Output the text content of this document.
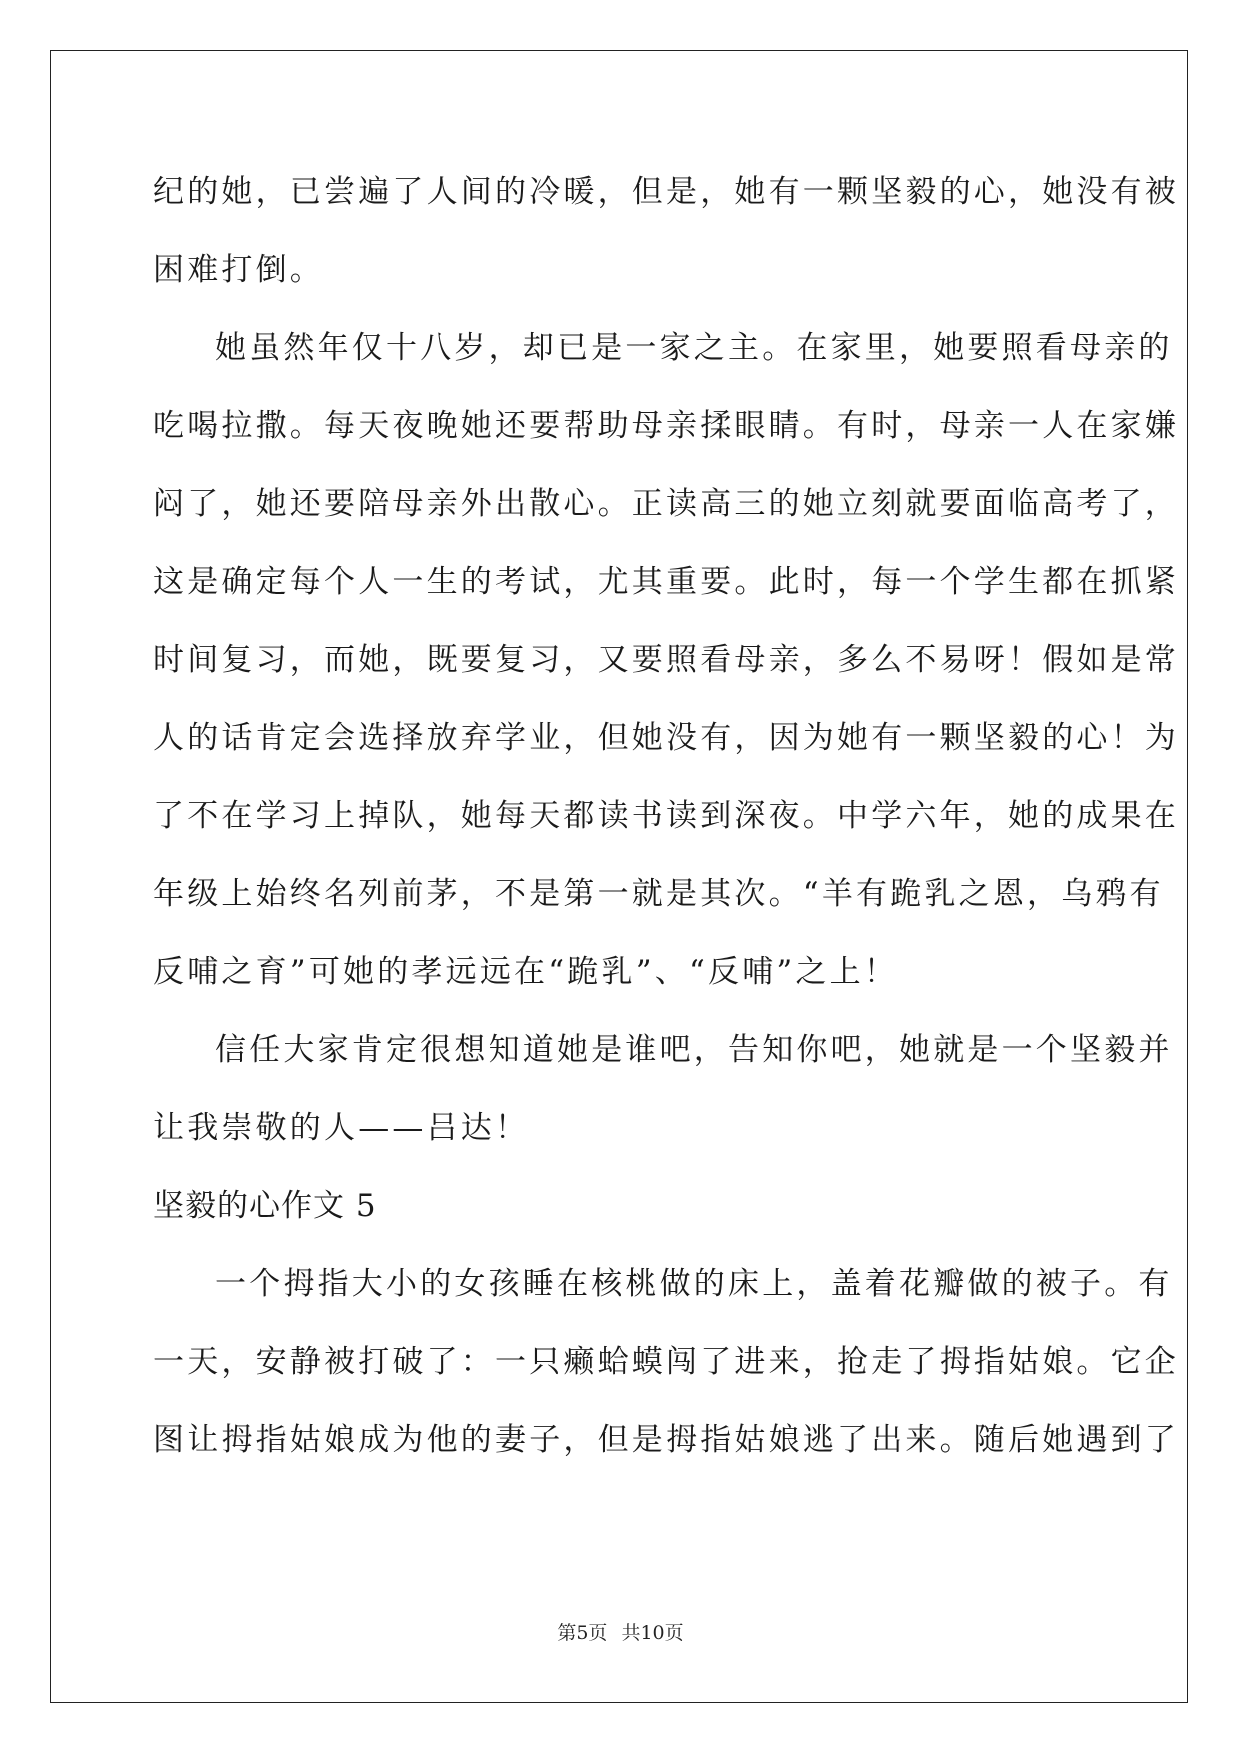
纪的她，已尝遍了人间的冷暖，但是，她有一颗坚毅的心，她没有被
困难打倒。
她虽然年仅十八岁，却已是一家之主。在家里，她要照看母亲的
吃喝拉撒。每天夜晚她还要帮助母亲揉眼睛。有时，母亲一人在家嫌
闷了，她还要陪母亲外出散心。正读高三的她立刻就要面临高考了，
这是确定每个人一生的考试，尤其重要。此时，每一个学生都在抓紧
时间复习，而她，既要复习，又要照看母亲，多么不易呀！假如是常
人的话肯定会选择放弃学业，但她没有，因为她有一颗坚毅的心！为
了不在学习上掉队，她每天都读书读到深夜。中学六年，她的成果在
年级上始终名列前茅，不是第一就是其次。“羊有跪乳之恩，乌鸦有
反哺之育”可她的孝远远在“跪乳”、“反哺”之上！
信任大家肯定很想知道她是谁吧，告知你吧，她就是一个坚毅并
让我崇敬的人——吕达！
坚毅的心作文 5
一个拇指大小的女孩睡在核桃做的床上，盖着花瓣做的被子。有
一天，安静被打破了：一只癞蛤蟆闯了进来，抢走了拇指姑娘。它企
图让拇指姑娘成为他的妻子，但是拇指姑娘逃了出来。随后她遇到了
第5页 共10页
